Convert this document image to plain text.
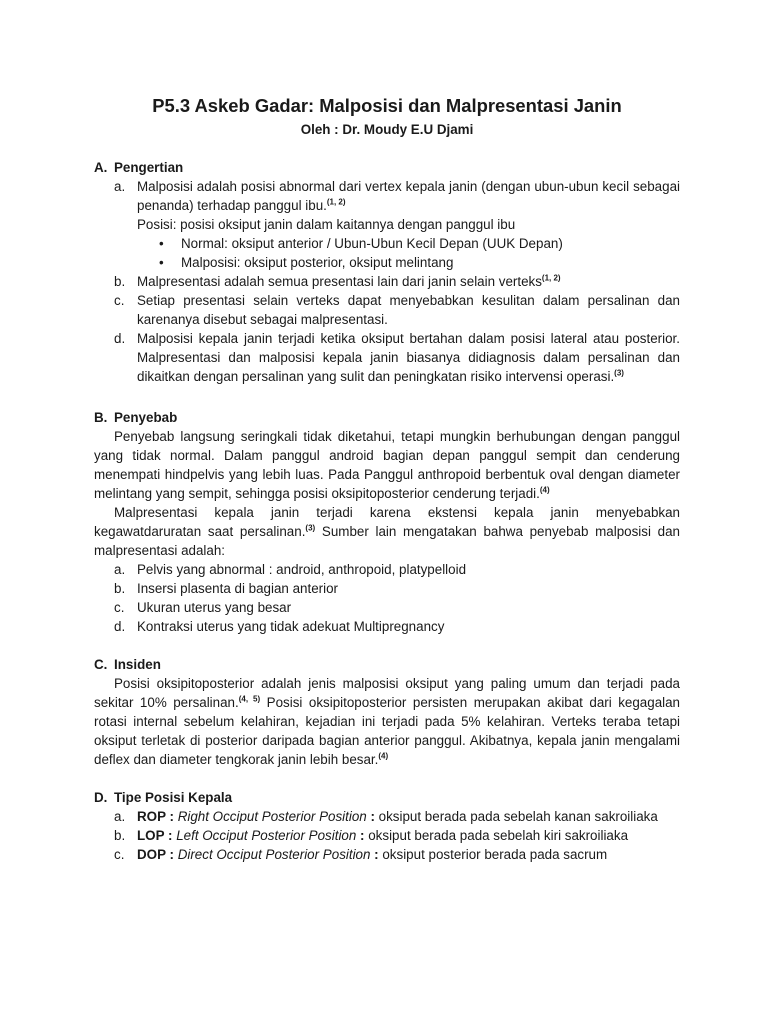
P5.3 Askeb Gadar: Malposisi dan Malpresentasi Janin
Oleh : Dr. Moudy E.U Djami
A. Pengertian
a. Malposisi adalah posisi abnormal dari vertex kepala janin (dengan ubun-ubun kecil sebagai penanda) terhadap panggul ibu.$^{(1, 2)}$
Posisi: posisi oksiput janin dalam kaitannya dengan panggul ibu
•	Normal: oksiput anterior / Ubun-Ubun Kecil Depan (UUK Depan)
•	Malposisi: oksiput posterior, oksiput melintang
b. Malpresentasi adalah semua presentasi lain dari janin selain verteks$^{(1, 2)}$
c. Setiap presentasi selain verteks dapat menyebabkan kesulitan dalam persalinan dan karenanya disebut sebagai malpresentasi.
d. Malposisi kepala janin terjadi ketika oksiput bertahan dalam posisi lateral atau posterior. Malpresentasi dan malposisi kepala janin biasanya didiagnosis dalam persalinan dan dikaitkan dengan persalinan yang sulit dan peningkatan risiko intervensi operasi.$^{(3)}$
B. Penyebab

Penyebab langsung seringkali tidak diketahui, tetapi mungkin berhubungan dengan panggul yang tidak normal. Dalam panggul android bagian depan panggul sempit dan cenderung menempati hindpelvis yang lebih luas. Pada Panggul anthropoid berbentuk oval dengan diameter melintang yang sempit, sehingga posisi oksipitoposterior cenderung terjadi.$^{(4)}$

Malpresentasi kepala janin terjadi karena ekstensi kepala janin menyebabkan kegawatdaruratan saat persalinan.$^{(3)}$ Sumber lain mengatakan bahwa penyebab malposisi dan malpresentasi adalah:

a. Pelvis yang abnormal : android, anthropoid, platypelloid
b. Insersi plasenta di bagian anterior
c. Ukuran uterus yang besar
d. Kontraksi uterus yang tidak adekuat Multipregnancy
C. Insiden

Posisi oksipitoposterior adalah jenis malposisi oksiput yang paling umum dan terjadi pada sekitar 10% persalinan.$^{(4, 5)}$ Posisi oksipitoposterior persisten merupakan akibat dari kegagalan rotasi internal sebelum kelahiran, kejadian ini terjadi pada 5% kelahiran. Verteks teraba tetapi oksiput terletak di posterior daripada bagian anterior panggul. Akibatnya, kepala janin mengalami deflex dan diameter tengkorak janin lebih besar.$^{(4)}$

D. Tipe Posisi Kepala
a. ROP : Right Occiput Posterior Position : oksiput berada pada sebelah kanan sakroiliaka
b. LOP : Left Occiput Posterior Position : oksiput berada pada sebelah kiri sakroiliaka
c. DOP : Direct Occiput Posterior Position : oksiput posterior berada pada sacrum
